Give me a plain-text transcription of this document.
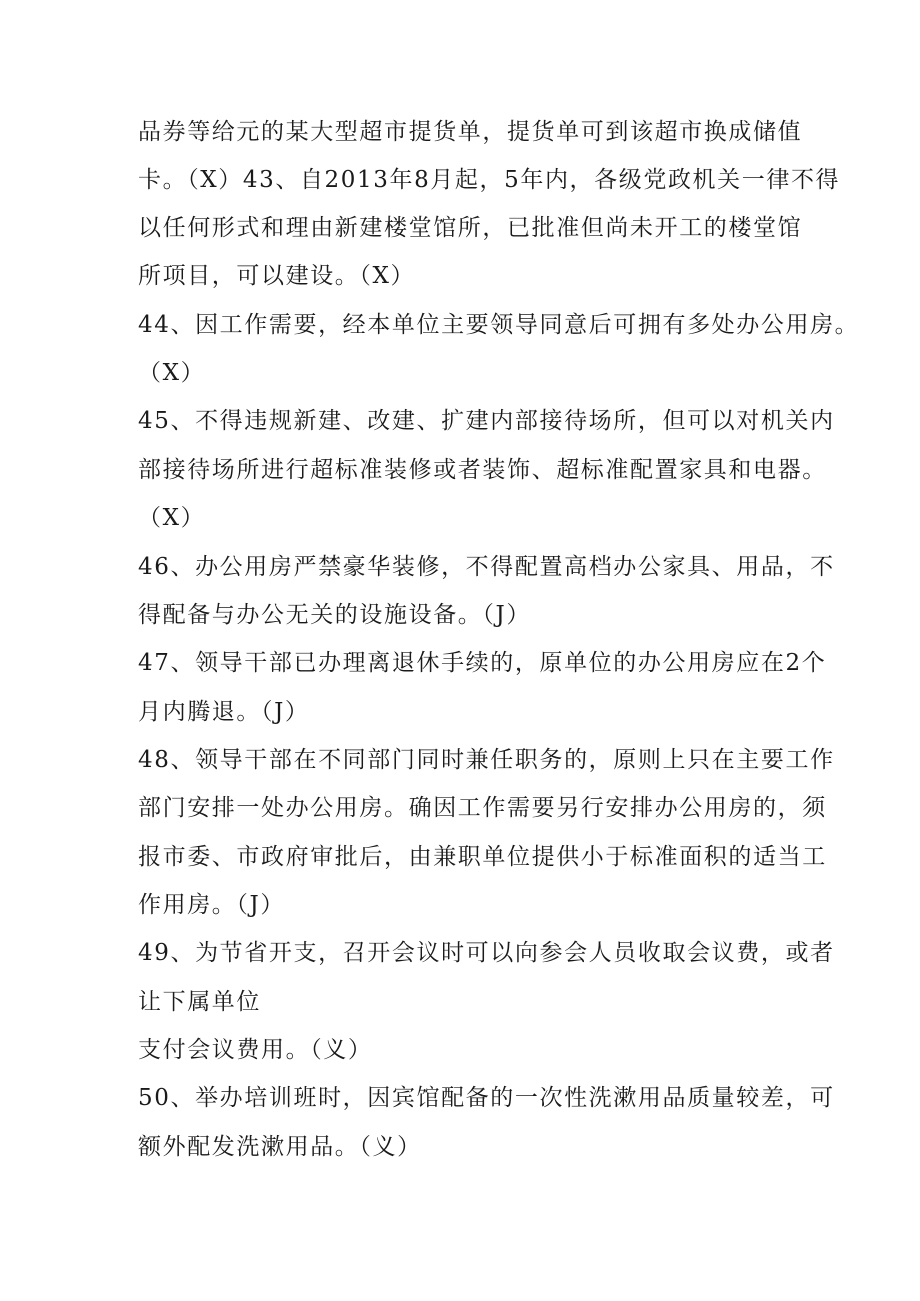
品券等给元的某大型超市提货单，提货单可到该超市换成储值
卡。（X）43、自2013年8月起，5年内，各级党政机关一律不得
以任何形式和理由新建楼堂馆所，已批准但尚未开工的楼堂馆
所项目，可以建设。（X）
44、因工作需要，经本单位主要领导同意后可拥有多处办公用房。
（X）
45、不得违规新建、改建、扩建内部接待场所，但可以对机关内
部接待场所进行超标准装修或者装饰、超标准配置家具和电器。
（X）
46、办公用房严禁豪华装修，不得配置高档办公家具、用品，不
得配备与办公无关的设施设备。（J）
47、领导干部已办理离退休手续的，原单位的办公用房应在2个
月内腾退。（J）
48、领导干部在不同部门同时兼任职务的，原则上只在主要工作
部门安排一处办公用房。确因工作需要另行安排办公用房的，须
报市委、市政府审批后，由兼职单位提供小于标准面积的适当工
作用房。（J）
49、为节省开支，召开会议时可以向参会人员收取会议费，或者
让下属单位
支付会议费用。（义）
50、举办培训班时，因宾馆配备的一次性洗漱用品质量较差，可
额外配发洗漱用品。（义）
